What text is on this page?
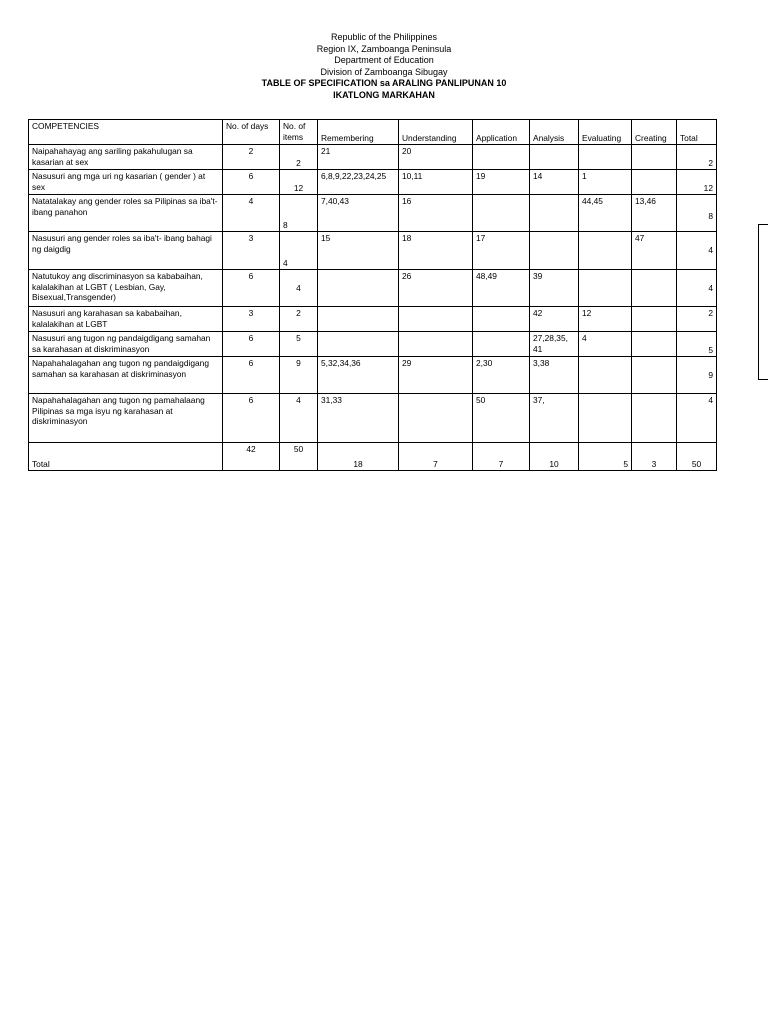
Republic of the Philippines
Region IX, Zamboanga Peninsula
Department of Education
Division of Zamboanga Sibugay
TABLE OF SPECIFICATION sa ARALING PANLIPUNAN 10
IKATLONG MARKAHAN
COMPETENCIES	No. of days	No. of items	Remembering	Understanding	Application	Analysis	Evaluating	Creating	Total
Naipahahayag ang sariling pakahulugan sa kasarian at sex	2	2	21	20					2
Nasusuri ang mga uri ng kasarian ( gender ) at sex	6	12	6,8,9,22,23,24,25	10,11	19	14	1		12
Natatalakay ang gender roles sa Pilipinas sa iba't-ibang panahon	4	8	7,40,43	16			44,45	13,46	8
Nasusuri ang gender roles sa iba't- ibang bahagi ng daigdig	3	4	15	18	17			47	4
Natutukoy ang discriminasyon sa kababaihan, kalalakihan at LGBT ( Lesbian, Gay, Bisexual,Transgender)	6	4		26	48,49	39			4
Nasusuri ang karahasan sa kababaihan, kalalakihan at LGBT	3	2				42	12		2
Nasusuri ang tugon ng pandaigdigang samahan sa karahasan at diskriminasyon	6	5				27,28,35, 41	4		5
Napahahalagahan ang tugon ng pandaigdigang samahan sa karahasan at diskriminasyon	6	9	5,32,34,36	29	2,30	3,38			9
Napahahalagahan ang tugon ng pamahalaang Pilipinas sa mga isyu ng karahasan at diskriminasyon	6	4	31,33		50	37,			4
Total	42	50	18	7	7	10	5	3	50
